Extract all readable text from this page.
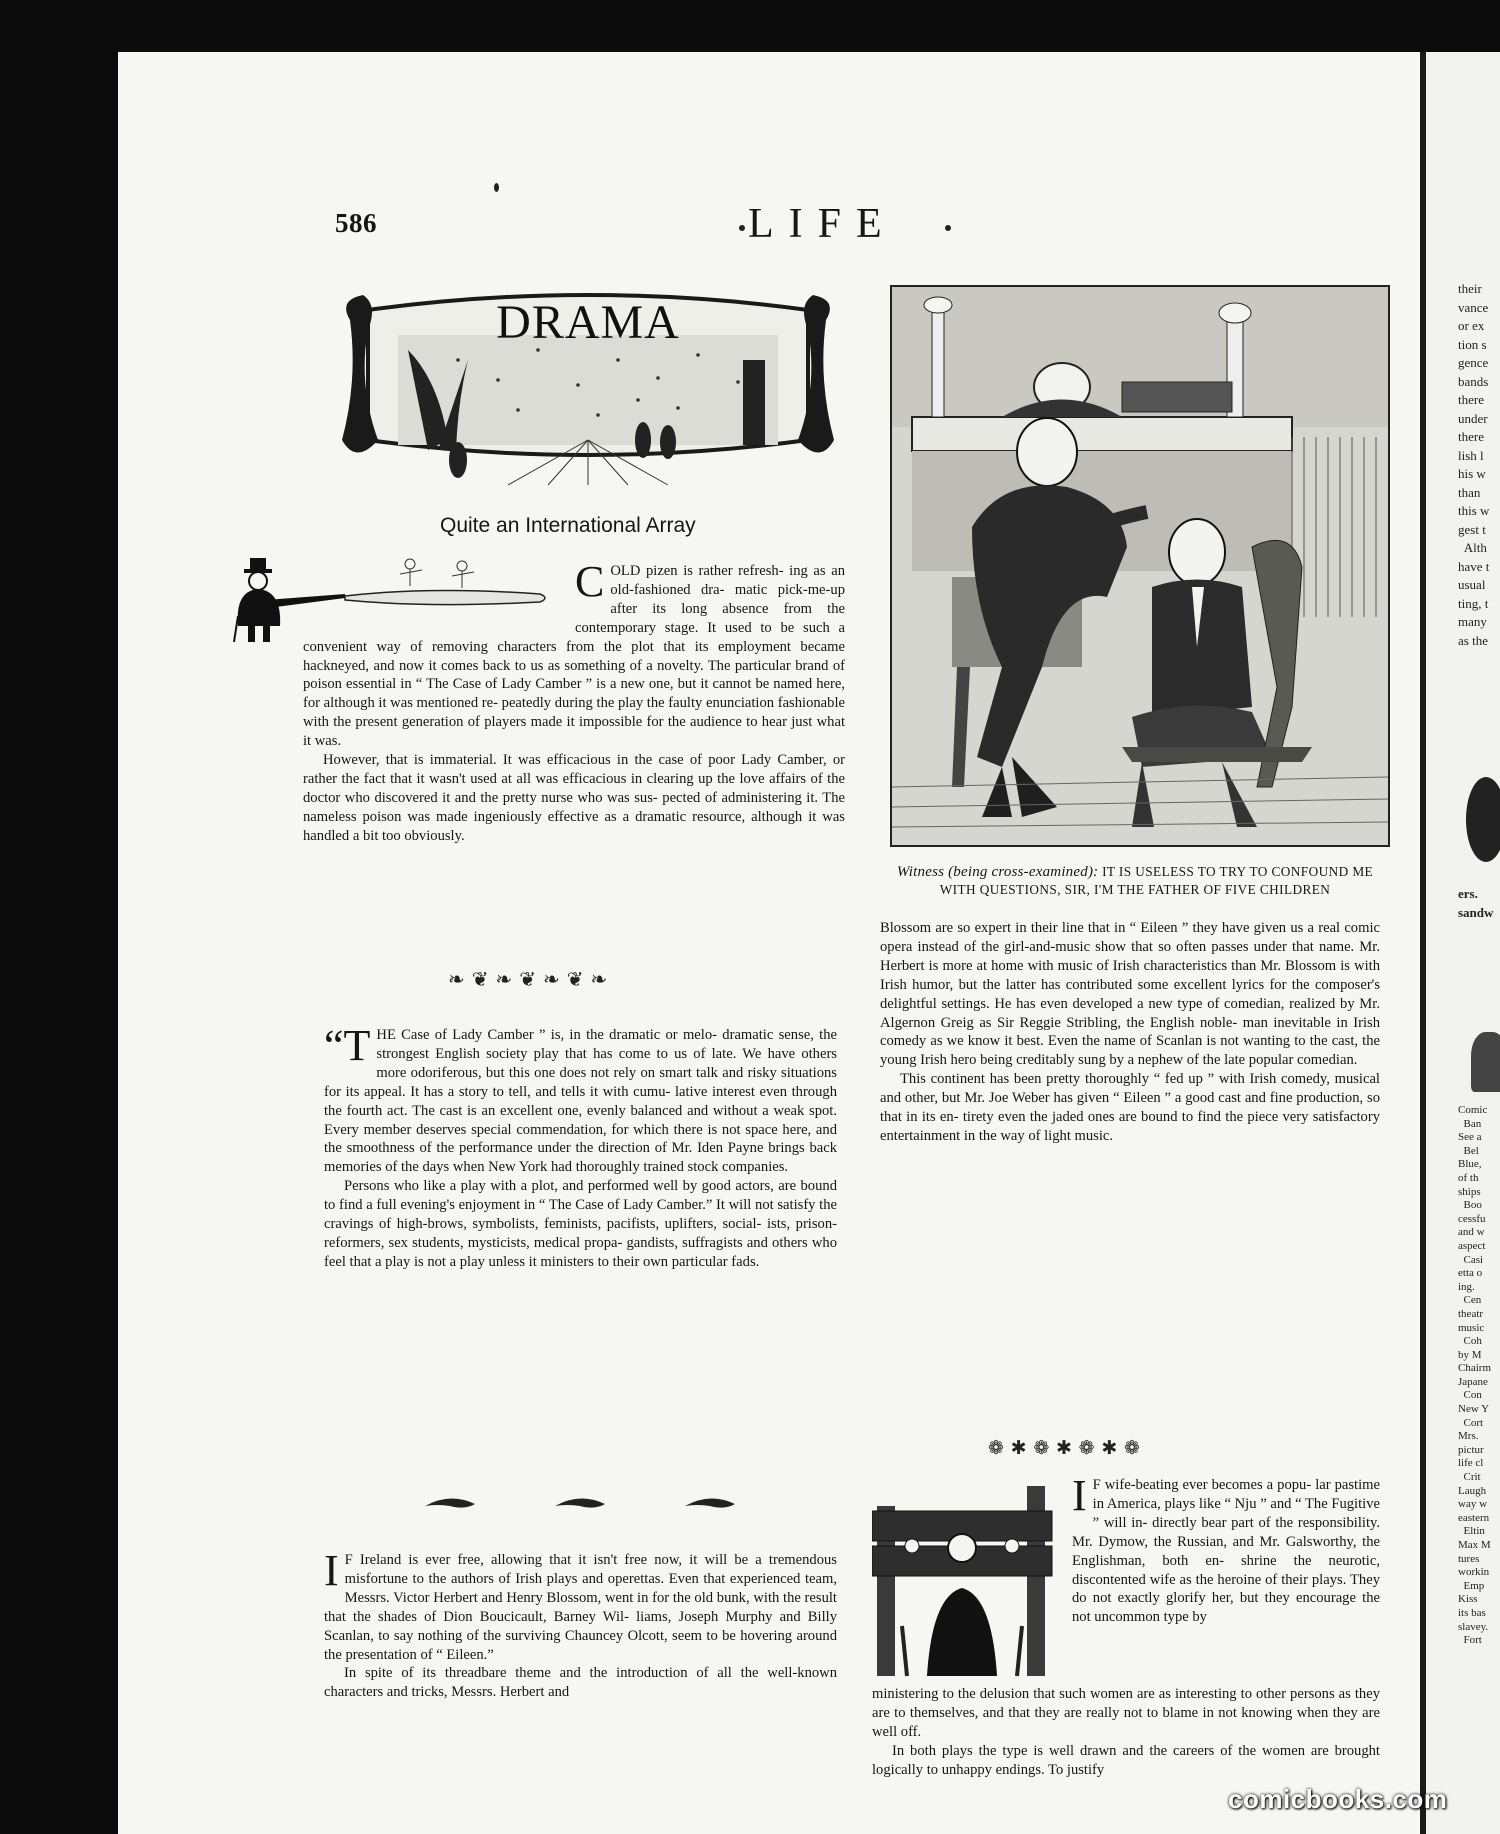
their
vance
or ex
tion s
gence
bands
there
under
there
lish l
his w
than
this w
gest t
Alth
have t
usual
ting, t
many
as the
ers.
sandw
Comic
Ban
See a
Bel
Blue,
of th
ships
Boo
cessfu
and w
aspect
Casi
etta o
ing.
Cen
theatr
music
Coh
by M
Chairm
Japane
Con
New Y
Cort
Mrs.
pictur
life cl
Crit
Laugh
way w
eastern
Eltin
Max M
tures
workin
Emp
Kiss
its bas
slavey.
Fort
586	LIFE
DRAMA
Quite an International Array

COLD pizen is rather refresh- ing as an old-fashioned dra- matic pick-me-up after its long absence from the contemporary stage. It used to be such a convenient way of removing characters from the plot that its employment became hackneyed, and now it comes back to us as something of a novelty. The particular brand of poison essential in “ The Case of Lady Camber ” is a new one, but it cannot be named here, for although it was mentioned re- peatedly during the play the faulty enunciation fashionable with the present generation of players made it impossible for the audience to hear just what it was.

However, that is immaterial. It was efficacious in the case of poor Lady Camber, or rather the fact that it wasn't used at all was efficacious in clearing up the love affairs of the doctor who discovered it and the pretty nurse who was sus- pected of administering it. The nameless poison was made ingeniously effective as a dramatic resource, although it was handled a bit too obviously.

❧ ❦ ❧ ❦ ❧ ❦ ❧

“THE Case of Lady Camber ” is, in the dramatic or melo- dramatic sense, the strongest English society play that has come to us of late. We have others more odoriferous, but this one does not rely on smart talk and risky situations for its appeal. It has a story to tell, and tells it with cumu- lative interest even through the fourth act. The cast is an excellent one, evenly balanced and without a weak spot. Every member deserves special commendation, for which there is not space here, and the smoothness of the performance under the direction of Mr. Iden Payne brings back memories of the days when New York had thoroughly trained stock companies.

Persons who like a play with a plot, and performed well by good actors, are bound to find a full evening's enjoyment in “ The Case of Lady Camber.” It will not satisfy the cravings of high-brows, symbolists, feminists, pacifists, uplifters, social- ists, prison-reformers, sex students, mysticists, medical propa- gandists, suffragists and others who feel that a play is not a play unless it ministers to their own particular fads.

I F Ireland is ever free, allowing that it isn't free now, it will be a tremendous misfortune to the authors of Irish plays and operettas. Even that experienced team, Messrs. Victor Herbert and Henry Blossom, went in for the old bunk, with the result that the shades of Dion Boucicault, Barney Wil- liams, Joseph Murphy and Billy Scanlan, to say nothing of the surviving Chauncey Olcott, seem to be hovering around the presentation of “ Eileen.”

In spite of its threadbare theme and the introduction of all the well-known characters and tricks, Messrs. Herbert and

Witness (being cross-examined): IT IS USELESS TO TRY TO CONFOUND ME WITH QUESTIONS, SIR, I'M THE FATHER OF FIVE CHILDREN

Blossom are so expert in their line that in “ Eileen ” they have given us a real comic opera instead of the girl-and-music show that so often passes under that name. Mr. Herbert is more at home with music of Irish characteristics than Mr. Blossom is with Irish humor, but the latter has contributed some excellent lyrics for the composer's delightful settings. He has even developed a new type of comedian, realized by Mr. Algernon Greig as Sir Reggie Stribling, the English noble- man inevitable in Irish comedy as we know it best. Even the name of Scanlan is not wanting to the cast, the young Irish hero being creditably sung by a nephew of the late popular comedian.

This continent has been pretty thoroughly “ fed up ” with Irish comedy, musical and other, but Mr. Joe Weber has given “ Eileen ” a good cast and fine production, so that in its en- tirety even the jaded ones are bound to find the piece very satisfactory entertainment in the way of light music.

❁ ✱ ❁ ✱ ❁ ✱ ❁

I F wife-beating ever becomes a popu- lar pastime in America, plays like “ Nju ” and “ The Fugitive ” will in- directly bear part of the responsibility. Mr. Dymow, the Russian, and Mr. Galsworthy, the Englishman, both en- shrine the neurotic, discontented wife as the heroine of their plays. They do not exactly glorify her, but they encourage the not uncommon type by

ministering to the delusion that such women are as interesting to other persons as they are to themselves, and that they are really not to blame in not knowing when they are well off.

In both plays the type is well drawn and the careers of the women are brought logically to unhappy endings. To justify

comicbooks.com
